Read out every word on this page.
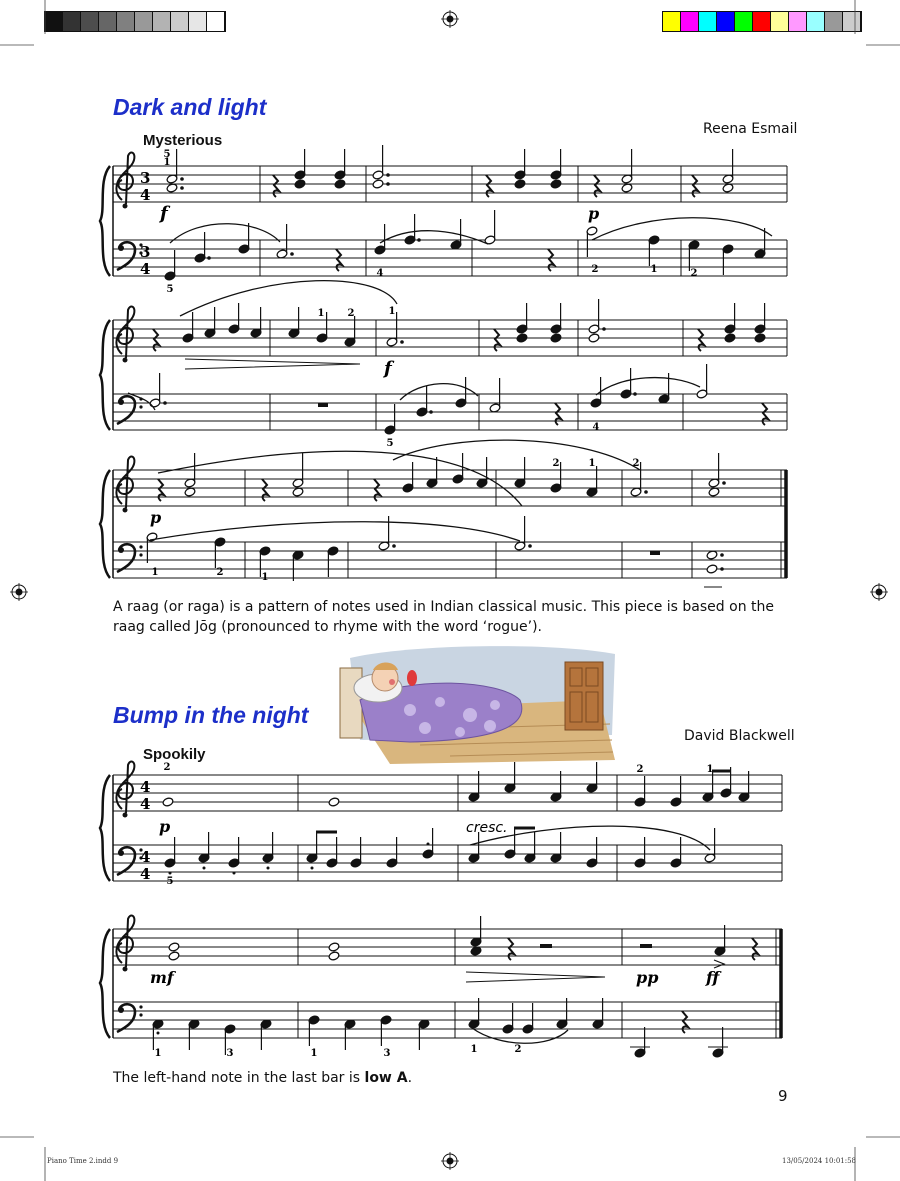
Dark and light
Reena Esmail
Mysterious
3
4
3
4
5
1
5
4	2	1	2
1 2	1
5
4
2	1	2
1	2	1
f	p
f
p
A raag (or raga) is a pattern of notes used in Indian classical music. This piece is based on the raag called Jōg (pronounced to rhyme with the word ‘rogue’).
Bump in the night
David Blackwell
Spookily
4
4
4
4
2	2	1
5
1	3	1	3	1	2
p	cresc.
mf	pp	ff
The left-hand note in the last bar is low A.
9
Piano Time 2.indd 9	13/05/2024 10:01:58
